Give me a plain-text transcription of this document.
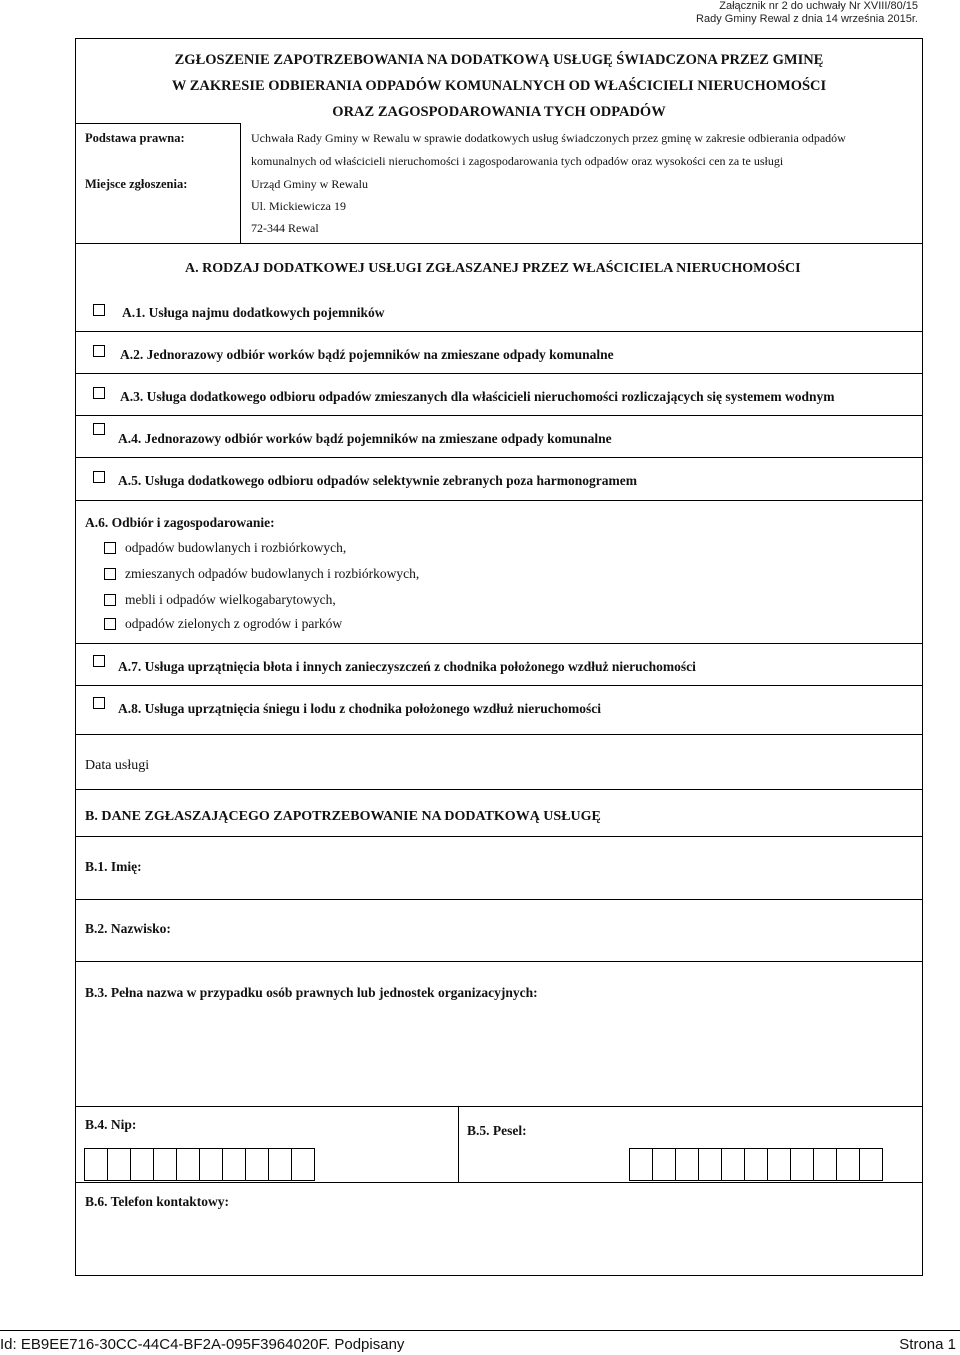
Załącznik nr 2 do uchwały Nr XVIII/80/15
Rady Gminy Rewal z dnia 14 września 2015r.
ZGŁOSZENIE ZAPOTRZEBOWANIA NA DODATKOWĄ USŁUGĘ ŚWIADCZONA PRZEZ GMINĘ
W ZAKRESIE ODBIERANIA ODPADÓW KOMUNALNYCH OD WŁAŚCICIELI NIERUCHOMOŚCI
ORAZ ZAGOSPODAROWANIA TYCH ODPADÓW
Podstawa prawna:	Uchwała Rady Gminy w Rewalu w sprawie dodatkowych usług świadczonych przez gminę w zakresie odbierania odpadów
komunalnych od właścicieli nieruchomości i zagospodarowania tych odpadów oraz wysokości cen za te usługi
Miejsce zgłoszenia:	Urząd Gminy w Rewalu
Ul. Mickiewicza 19
72-344 Rewal
A. RODZAJ DODATKOWEJ USŁUGI ZGŁASZANEJ PRZEZ WŁAŚCICIELA NIERUCHOMOŚCI
A.1. Usługa najmu dodatkowych pojemników
A.2. Jednorazowy odbiór worków bądź pojemników na zmieszane odpady komunalne
A.3. Usługa dodatkowego odbioru odpadów zmieszanych dla właścicieli nieruchomości rozliczających się systemem wodnym
A.4. Jednorazowy odbiór worków bądź pojemników na zmieszane odpady komunalne
A.5. Usługa dodatkowego odbioru odpadów selektywnie zebranych poza harmonogramem
A.6. Odbiór i zagospodarowanie:
odpadów budowlanych i rozbiórkowych,
zmieszanych odpadów budowlanych i rozbiórkowych,
mebli i odpadów wielkogabarytowych,
odpadów zielonych z ogrodów i parków
A.7. Usługa uprzątnięcia błota i innych zanieczyszczeń z chodnika położonego wzdłuż nieruchomości
A.8. Usługa uprzątnięcia śniegu i lodu z chodnika położonego wzdłuż nieruchomości
Data usługi
B. DANE ZGŁASZAJĄCEGO ZAPOTRZEBOWANIE NA DODATKOWĄ USŁUGĘ
B.1. Imię:
B.2. Nazwisko:
B.3. Pełna nazwa w przypadku osób prawnych lub jednostek organizacyjnych:
B.4. Nip:	B.5. Pesel:
B.6. Telefon kontaktowy:
Id: EB9EE716-30CC-44C4-BF2A-095F3964020F. Podpisany	Strona 1
